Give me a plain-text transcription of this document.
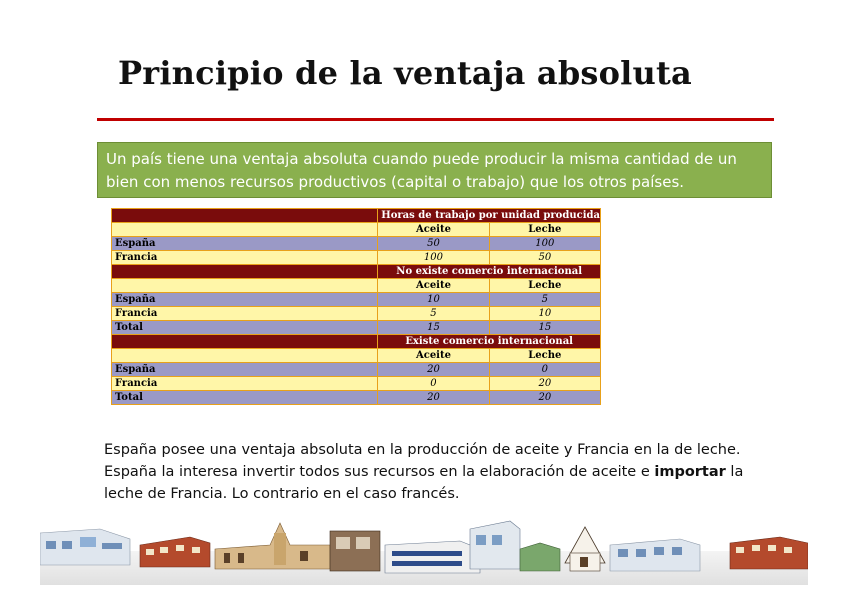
Principio de la ventaja absoluta
Un país tiene una ventaja absoluta cuando puede producir la misma cantidad de un bien con menos recursos productivos (capital o trabajo) que los otros países.
	Horas de trabajo por unidad producida	
	Aceite	Leche
España	50	100
Francia	100	50
	No existe comercio internacional	
	Aceite	Leche
España	10	5
Francia	5	10
Total	15	15
	Existe comercio internacional	
	Aceite	Leche
España	20	0
Francia	0	20
Total	20	20
España posee una ventaja absoluta en la producción de aceite y Francia en la de leche. España la interesa invertir todos sus recursos en la elaboración de aceite e importar la leche de Francia. Lo contrario en el caso francés.
